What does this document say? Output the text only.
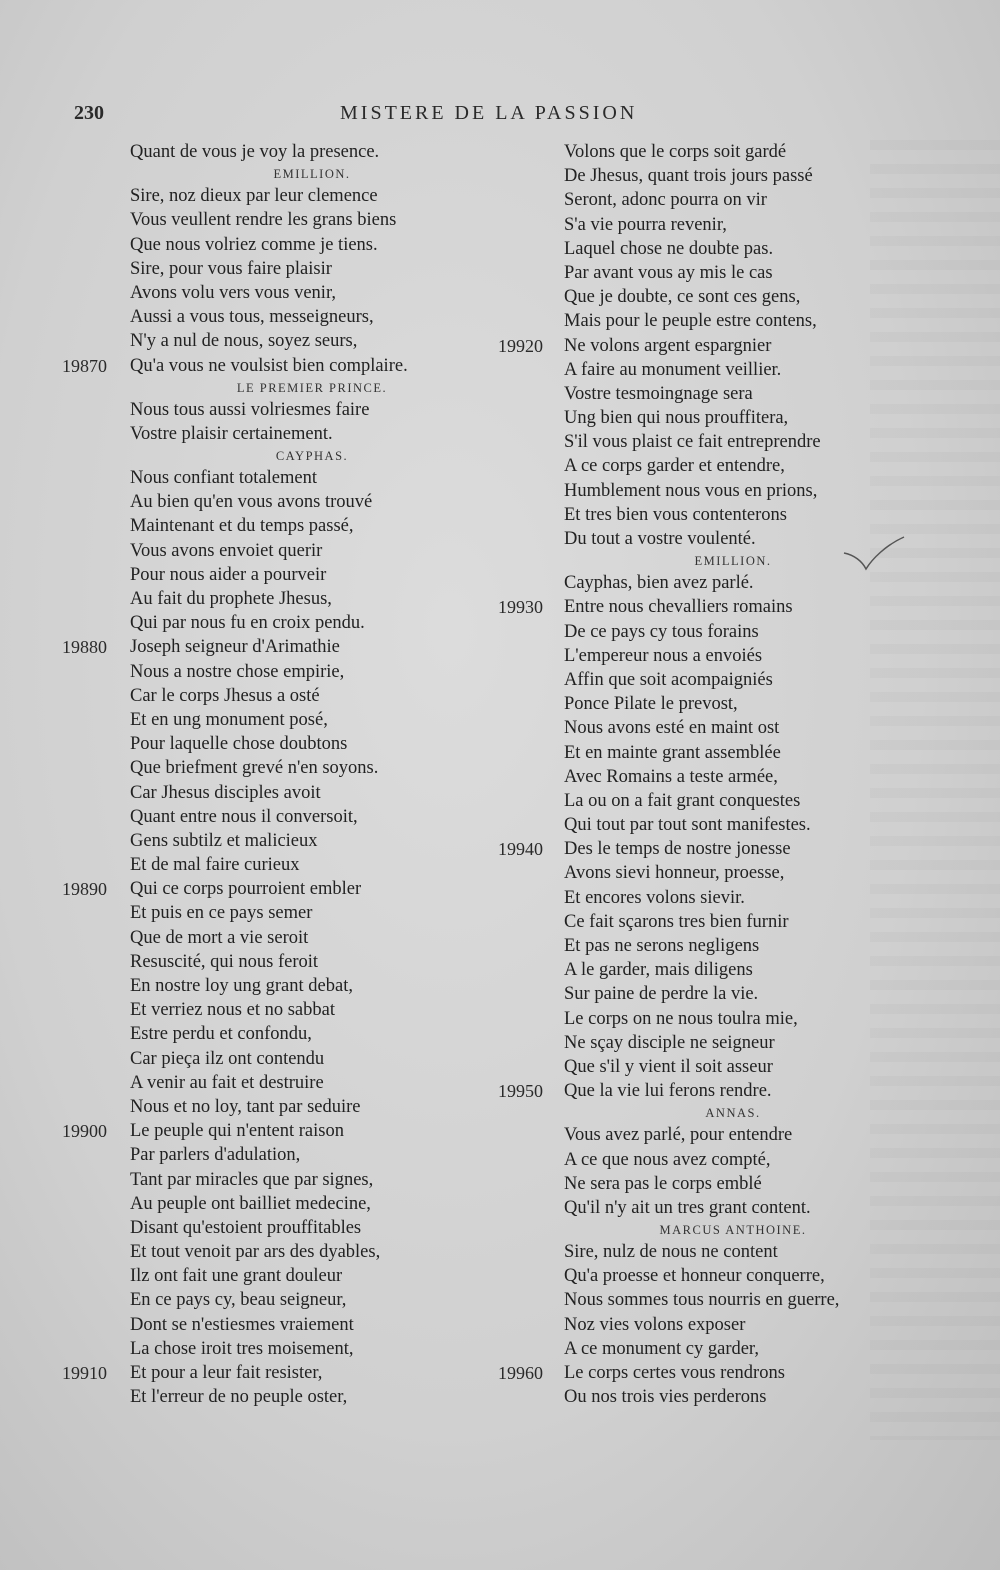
230	MISTERE DE LA PASSION
Quant de vous je voy la presence.
EMILLION.
Sire, noz dieux par leur clemence
Vous veullent rendre les grans biens
Que nous volriez comme je tiens.
Sire, pour vous faire plaisir
Avons volu vers vous venir,
Aussi a vous tous, messeigneurs,
N'y a nul de nous, soyez seurs,
19870	Qu'a vous ne voulsist bien complaire.
LE PREMIER PRINCE.
Nous tous aussi volriesmes faire
Vostre plaisir certainement.
CAYPHAS.
Nous confiant totalement
Au bien qu'en vous avons trouvé
Maintenant et du temps passé,
Vous avons envoiet querir
Pour nous aider a pourveir
Au fait du prophete Jhesus,
Qui par nous fu en croix pendu.
19880	Joseph seigneur d'Arimathie
Nous a nostre chose empirie,
Car le corps Jhesus a osté
Et en ung monument posé,
Pour laquelle chose doubtons
Que briefment grevé n'en soyons.
Car Jhesus disciples avoit
Quant entre nous il conversoit,
Gens subtilz et malicieux
Et de mal faire curieux
19890	Qui ce corps pourroient embler
Et puis en ce pays semer
Que de mort a vie seroit
Resuscité, qui nous feroit
En nostre loy ung grant debat,
Et verriez nous et no sabbat
Estre perdu et confondu,
Car pieça ilz ont contendu
A venir au fait et destruire
Nous et no loy, tant par seduire
19900	Le peuple qui n'entent raison
Par parlers d'adulation,
Tant par miracles que par signes,
Au peuple ont bailliet medecine,
Disant qu'estoient prouffitables
Et tout venoit par ars des dyables,
Ilz ont fait une grant douleur
En ce pays cy, beau seigneur,
Dont se n'estiesmes vraiement
La chose iroit tres moisement,
19910	Et pour a leur fait resister,
Et l'erreur de no peuple oster,
Volons que le corps soit gardé
De Jhesus, quant trois jours passé
Seront, adonc pourra on vir
S'a vie pourra revenir,
Laquel chose ne doubte pas.
Par avant vous ay mis le cas
Que je doubte, ce sont ces gens,
Mais pour le peuple estre contens,
19920	Ne volons argent espargnier
A faire au monument veillier.
Vostre tesmoingnage sera
Ung bien qui nous prouffitera,
S'il vous plaist ce fait entreprendre
A ce corps garder et entendre,
Humblement nous vous en prions,
Et tres bien vous contenterons
Du tout a vostre voulenté.
EMILLION.
Cayphas, bien avez parlé.
19930	Entre nous chevalliers romains
De ce pays cy tous forains
L'empereur nous a envoiés
Affin que soit acompaigniés
Ponce Pilate le prevost,
Nous avons esté en maint ost
Et en mainte grant assemblée
Avec Romains a teste armée,
La ou on a fait grant conquestes
Qui tout par tout sont manifestes.
19940	Des le temps de nostre jonesse
Avons sievi honneur, proesse,
Et encores volons sievir.
Ce fait sçarons tres bien furnir
Et pas ne serons negligens
A le garder, mais diligens
Sur paine de perdre la vie.
Le corps on ne nous toulra mie,
Ne sçay disciple ne seigneur
Que s'il y vient il soit asseur
19950	Que la vie lui ferons rendre.
ANNAS.
Vous avez parlé, pour entendre
A ce que nous avez compté,
Ne sera pas le corps emblé
Qu'il n'y ait un tres grant content.
MARCUS ANTHOINE.
Sire, nulz de nous ne content
Qu'a proesse et honneur conquerre,
Nous sommes tous nourris en guerre,
Noz vies volons exposer
A ce monument cy garder,
19960	Le corps certes vous rendrons
Ou nos trois vies perderons
